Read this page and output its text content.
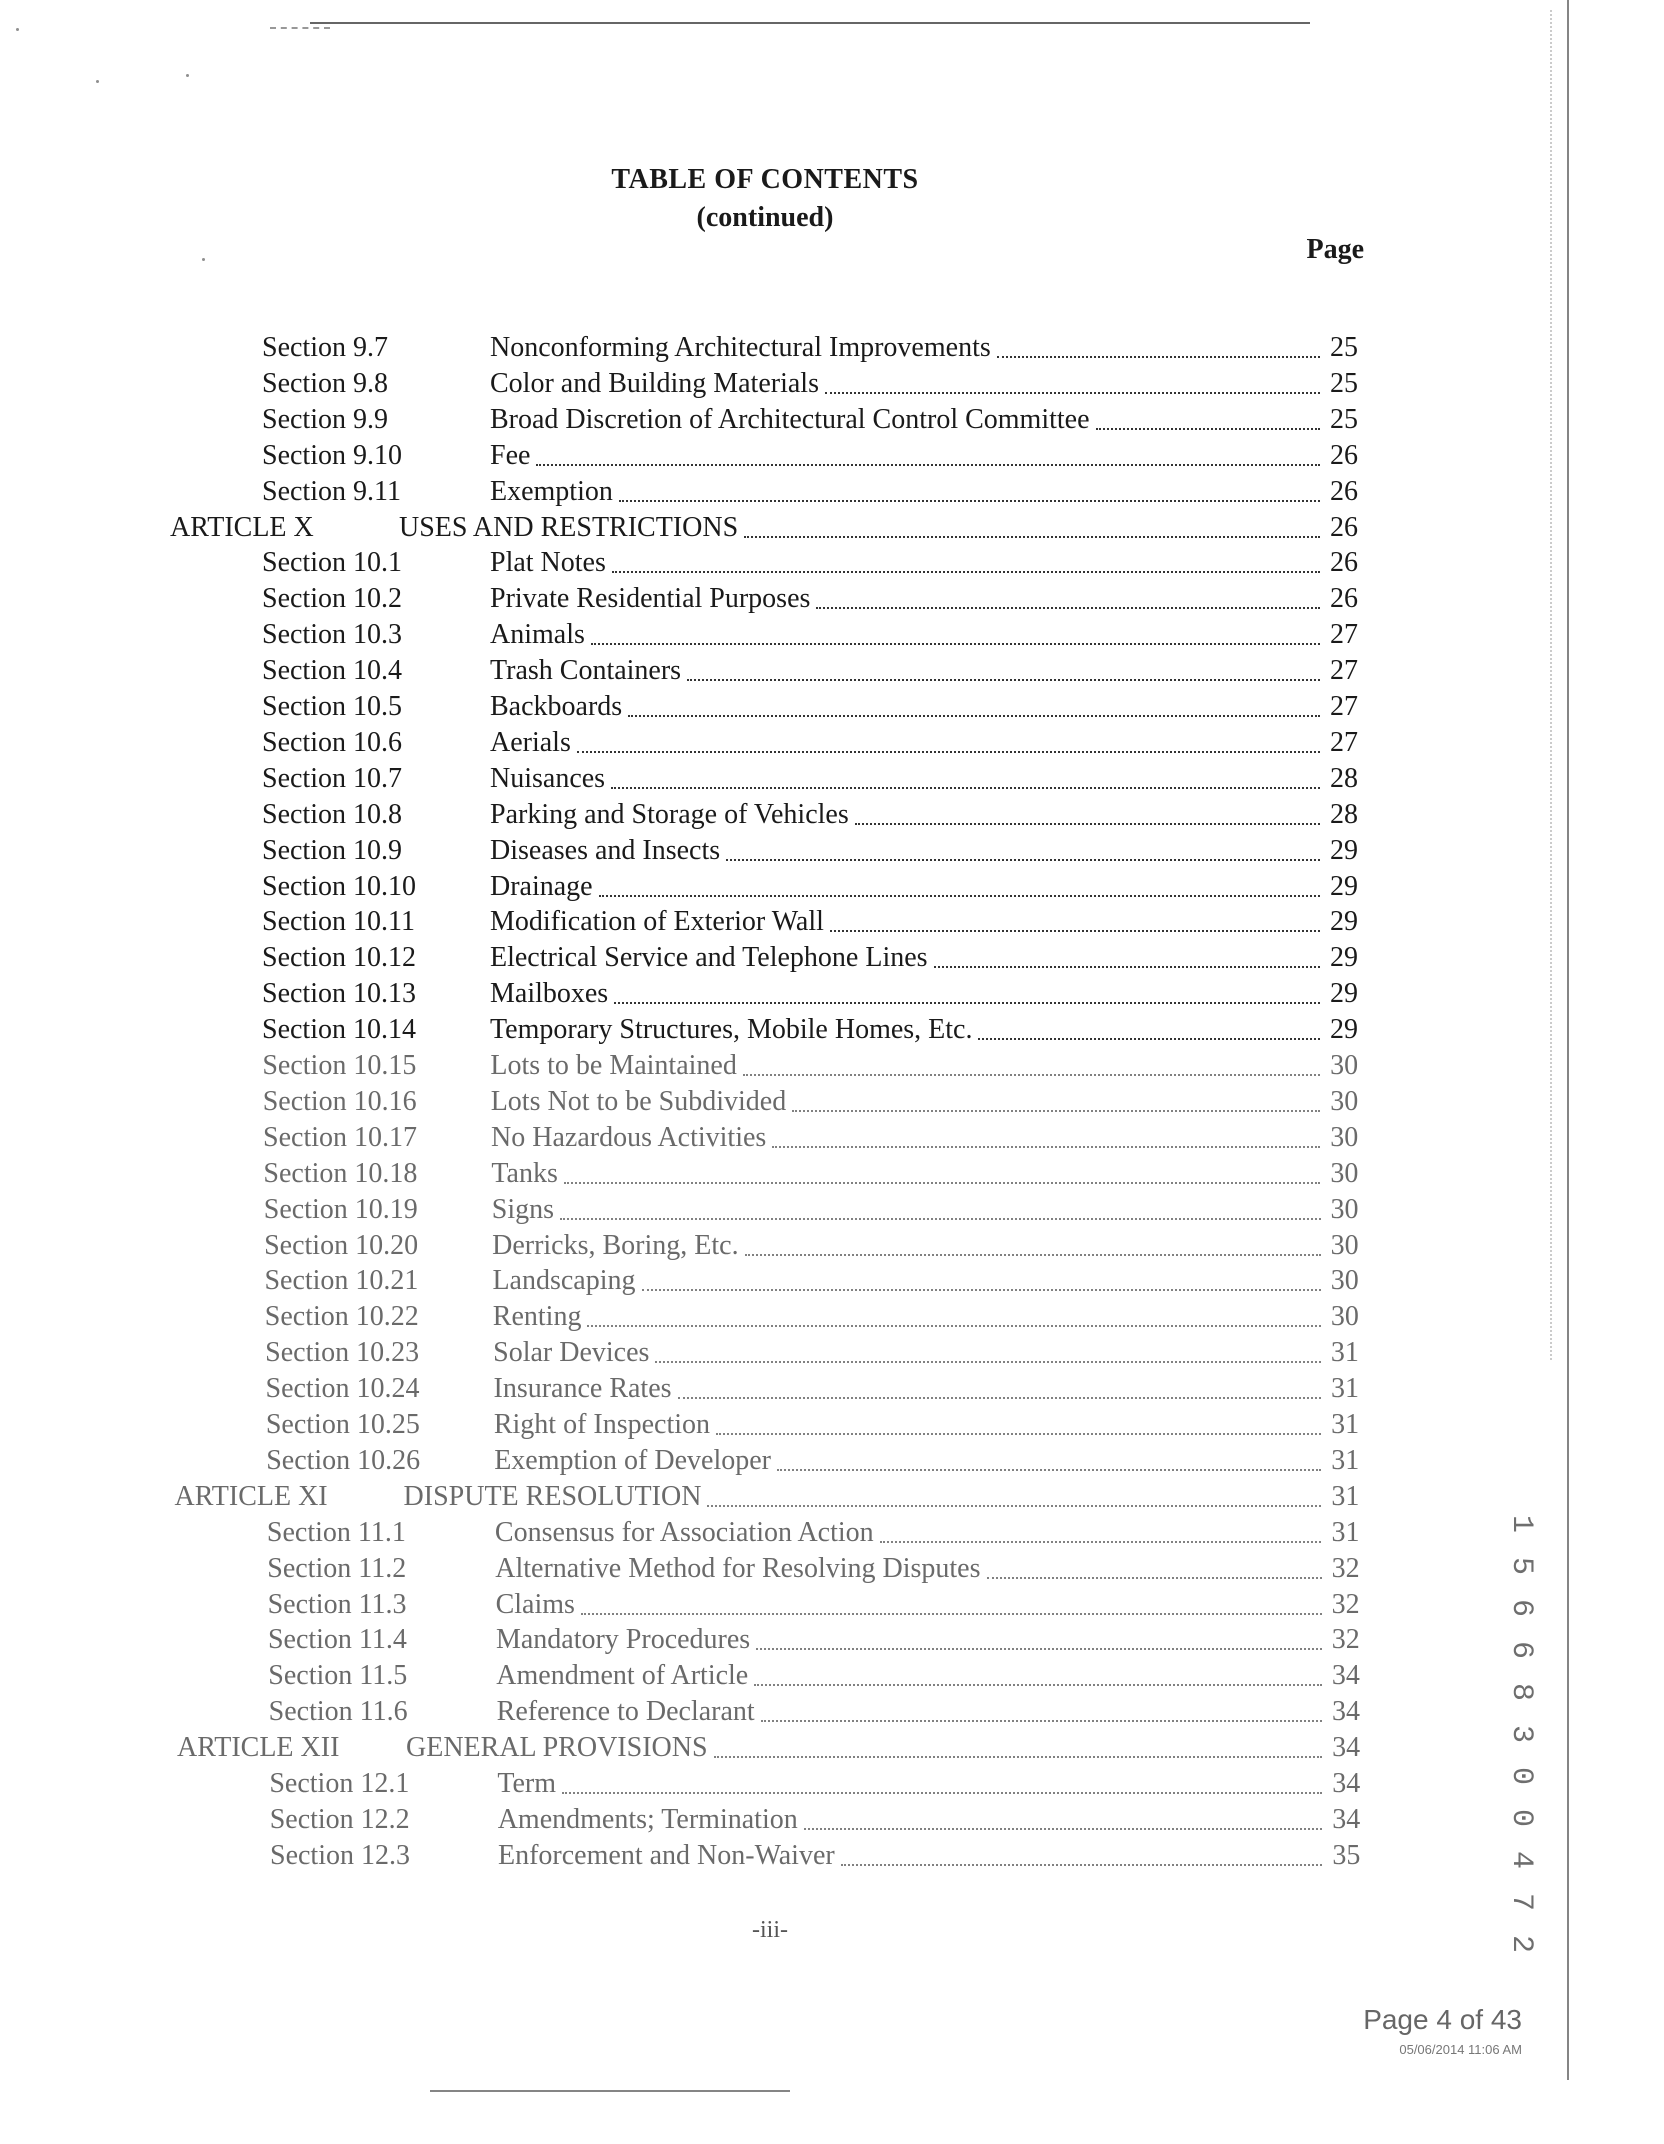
TABLE OF CONTENTS
(continued)
Page
Section 9.7	Nonconforming Architectural Improvements	25
Section 9.8	Color and Building Materials	25
Section 9.9	Broad Discretion of Architectural Control Committee	25
Section 9.10	Fee	26
Section 9.11	Exemption	26
ARTICLE X	USES AND RESTRICTIONS	26
Section 10.1	Plat Notes	26
Section 10.2	Private Residential Purposes	26
Section 10.3	Animals	27
Section 10.4	Trash Containers	27
Section 10.5	Backboards	27
Section 10.6	Aerials	27
Section 10.7	Nuisances	28
Section 10.8	Parking and Storage of Vehicles	28
Section 10.9	Diseases and Insects	29
Section 10.10	Drainage	29
Section 10.11	Modification of Exterior Wall	29
Section 10.12	Electrical Service and Telephone Lines	29
Section 10.13	Mailboxes	29
Section 10.14	Temporary Structures, Mobile Homes, Etc.	29
Section 10.15	Lots to be Maintained	30
Section 10.16	Lots Not to be Subdivided	30
Section 10.17	No Hazardous Activities	30
Section 10.18	Tanks	30
Section 10.19	Signs	30
Section 10.20	Derricks, Boring, Etc.	30
Section 10.21	Landscaping	30
Section 10.22	Renting	30
Section 10.23	Solar Devices	31
Section 10.24	Insurance Rates	31
Section 10.25	Right of Inspection	31
Section 10.26	Exemption of Developer	31
ARTICLE XI	DISPUTE RESOLUTION	31
Section 11.1	Consensus for Association Action	31
Section 11.2	Alternative Method for Resolving Disputes	32
Section 11.3	Claims	32
Section 11.4	Mandatory Procedures	32
Section 11.5	Amendment of Article	34
Section 11.6	Reference to Declarant	34
ARTICLE XII	GENERAL PROVISIONS	34
Section 12.1	Term	34
Section 12.2	Amendments; Termination	34
Section 12.3	Enforcement and Non-Waiver	35
-iii-	1 5 6 6 8 3 0 0 4 7 2
Page 4 of 43
05/06/2014 11:06 AM
